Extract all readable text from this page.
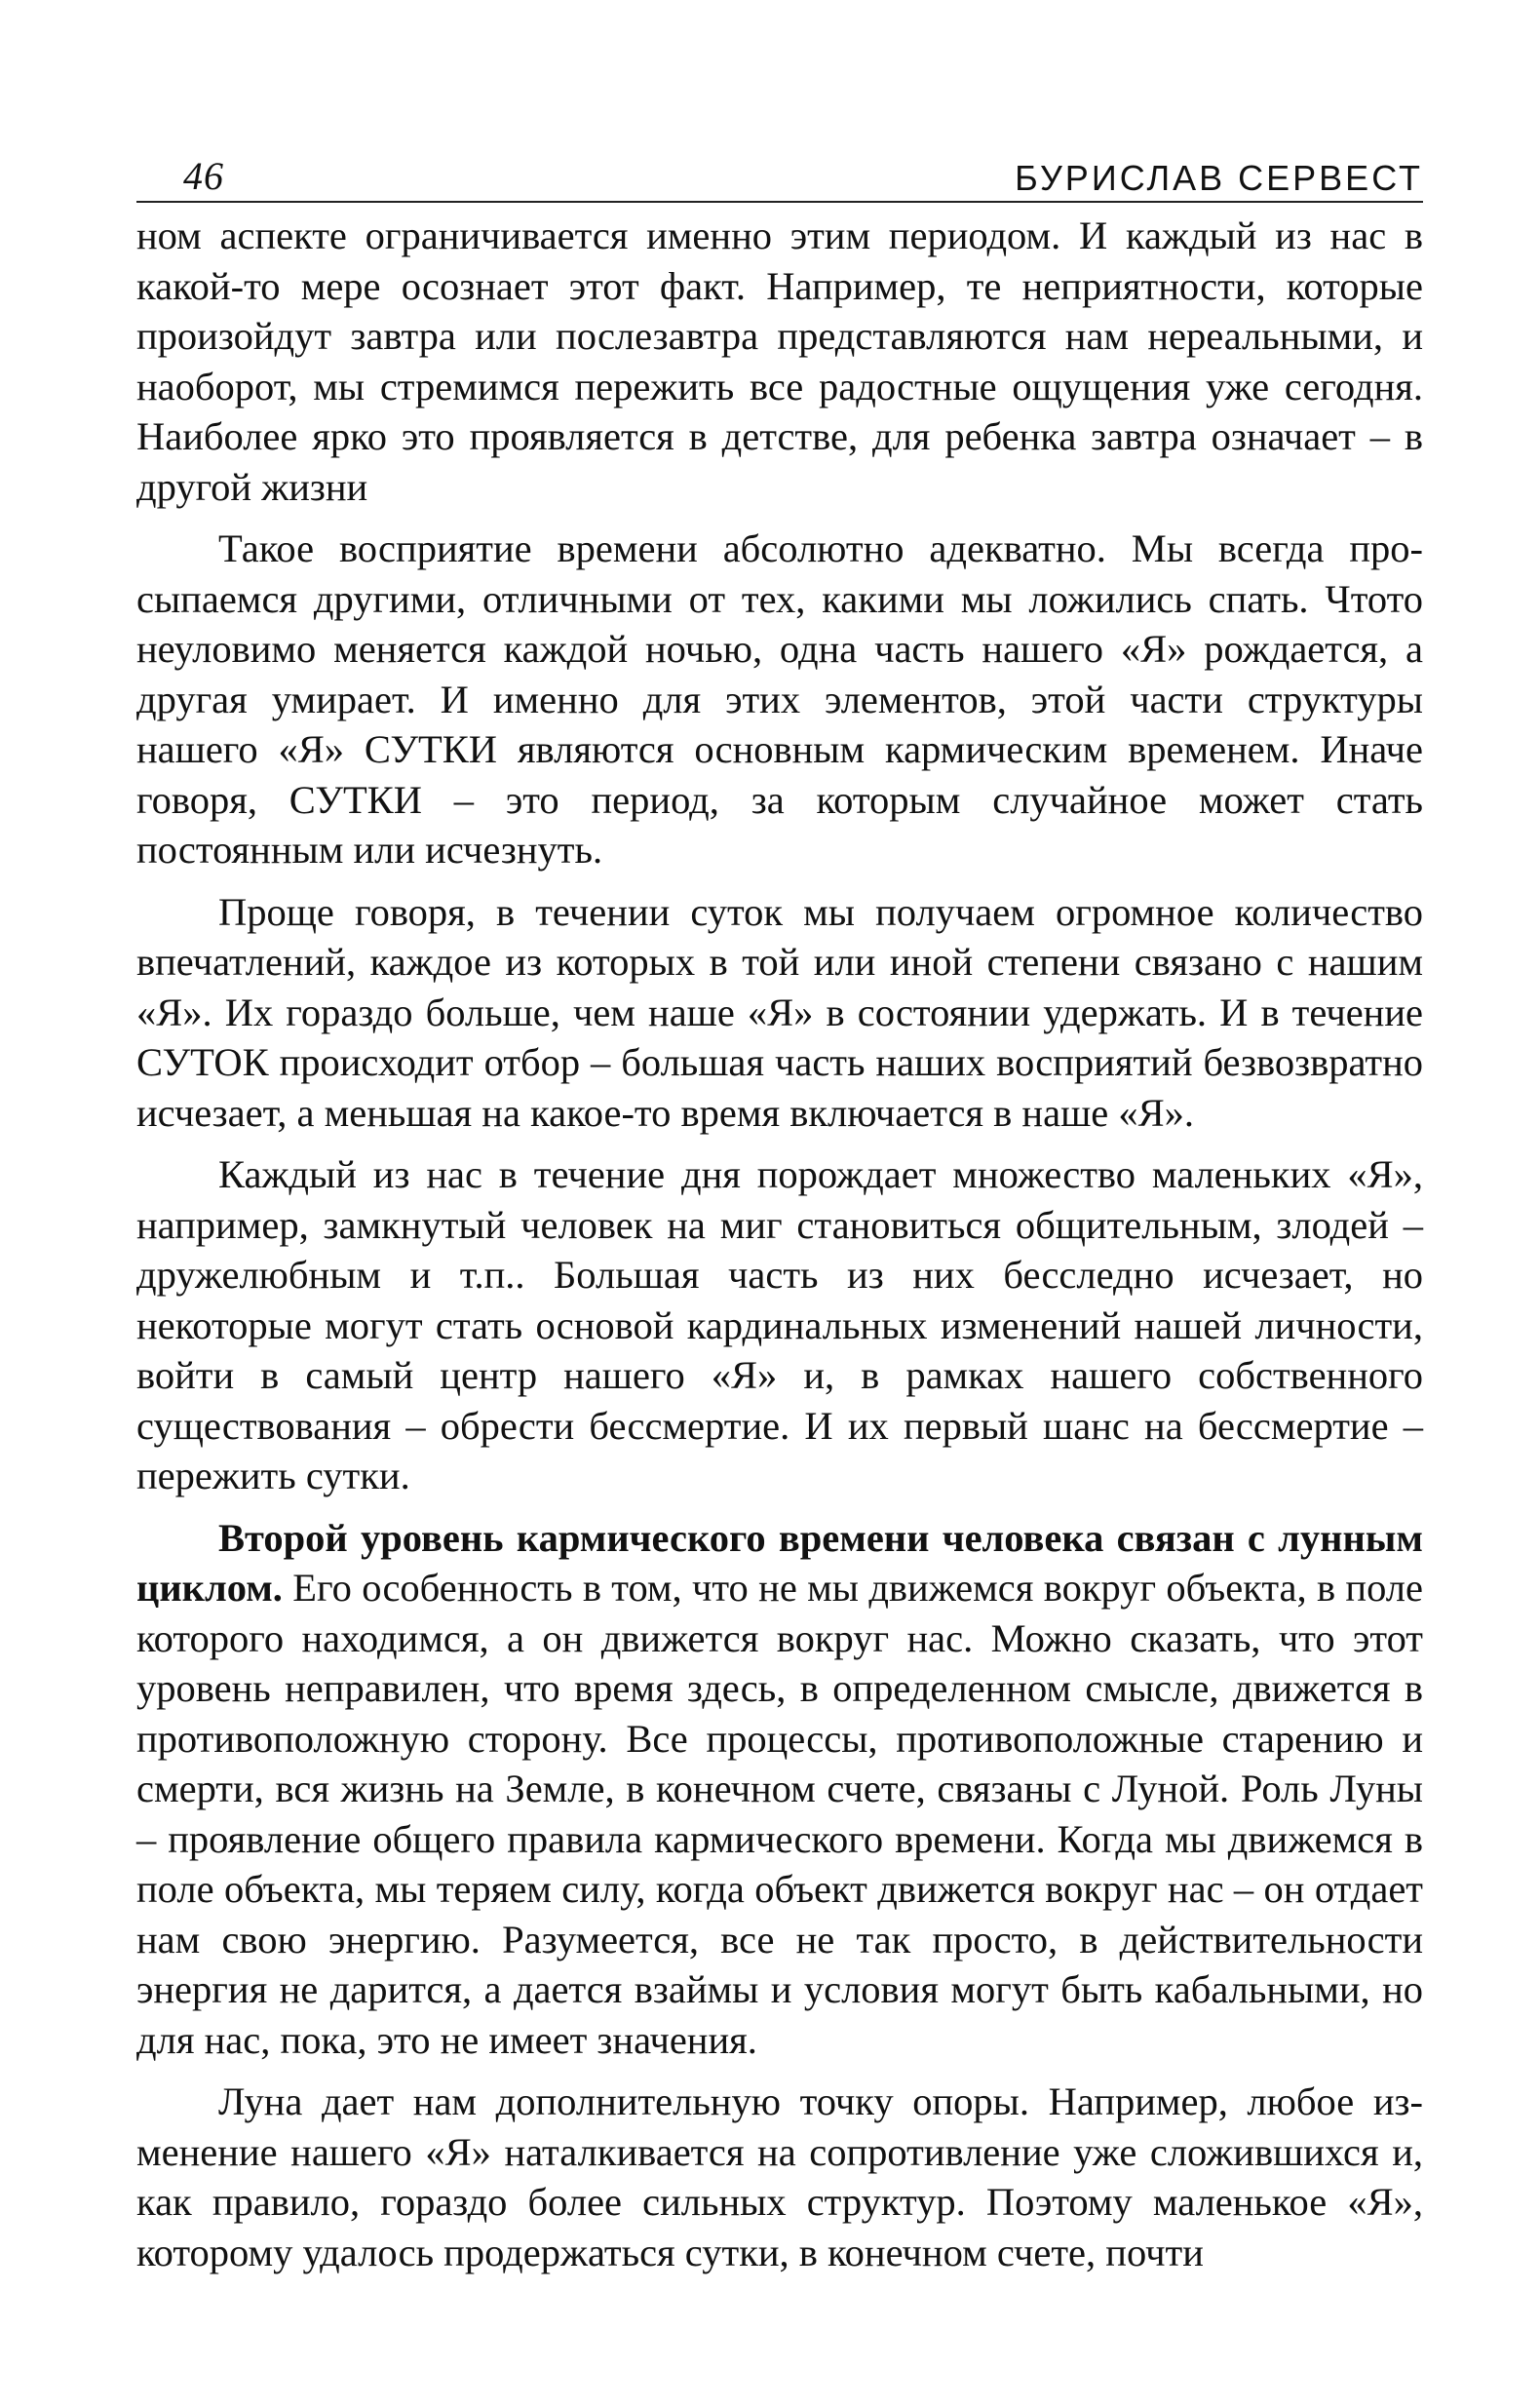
46	БУРИСЛАВ СЕРВЕСТ

ном аспекте ограничивается именно этим периодом. И каждый из нас в какой-то мере осознает этот факт. Например, те неприятности, которые произойдут завтра или послезавтра представляются нам нереальными, и наоборот, мы стремимся пережить все радостные ощущения уже сегодня. Наиболее ярко это проявляется в детстве, для ребенка завтра означает – в другой жизни

Такое восприятие времени абсолютно адекватно. Мы всегда просыпаемся другими, отличными от тех, какими мы ложились спать. Чтото неуловимо меняется каждой ночью, одна часть нашего «Я» рождается, а другая умирает. И именно для этих элементов, этой части структуры нашего «Я» СУТКИ являются основным кармическим временем. Иначе говоря, СУТКИ – это период, за которым случайное может стать постоянным или исчезнуть.

Проще говоря, в течении суток мы получаем огромное количество впечатлений, каждое из которых в той или иной степени связано с нашим «Я». Их гораздо больше, чем наше «Я» в состоянии удержать. И в течение СУТОК происходит отбор – большая часть наших восприятий безвозвратно исчезает, а меньшая на какое-то время включается в наше «Я».

Каждый из нас в течение дня порождает множество маленьких «Я», например, замкнутый человек на миг становиться общительным, злодей – дружелюбным и т.п.. Большая часть из них бесследно исчезает, но некоторые могут стать основой кардинальных изменений нашей личности, войти в самый центр нашего «Я» и, в рамках нашего собственного существования – обрести бессмертие. И их первый шанс на бессмертие – пережить сутки.

Второй уровень кармического времени человека связан с лунным циклом. Его особенность в том, что не мы движемся вокруг объекта, в поле которого находимся, а он движется вокруг нас. Можно сказать, что этот уровень неправилен, что время здесь, в определенном смысле, движется в противоположную сторону. Все процессы, противоположные старению и смерти, вся жизнь на Земле, в конечном счете, связаны с Луной. Роль Луны – проявление общего правила кармического времени. Когда мы движемся в поле объекта, мы теряем силу, когда объект движется вокруг нас – он отдает нам свою энергию. Разумеется, все не так просто, в действительности энергия не дарится, а дается взаймы и условия могут быть кабальными, но для нас, пока, это не имеет значения.

Луна дает нам дополнительную точку опоры. Например, любое изменение нашего «Я» наталкивается на сопротивление уже сложившихся и, как правило, гораздо более сильных структур. Поэтому маленькое «Я», которому удалось продержаться сутки, в конечном счете, почти
